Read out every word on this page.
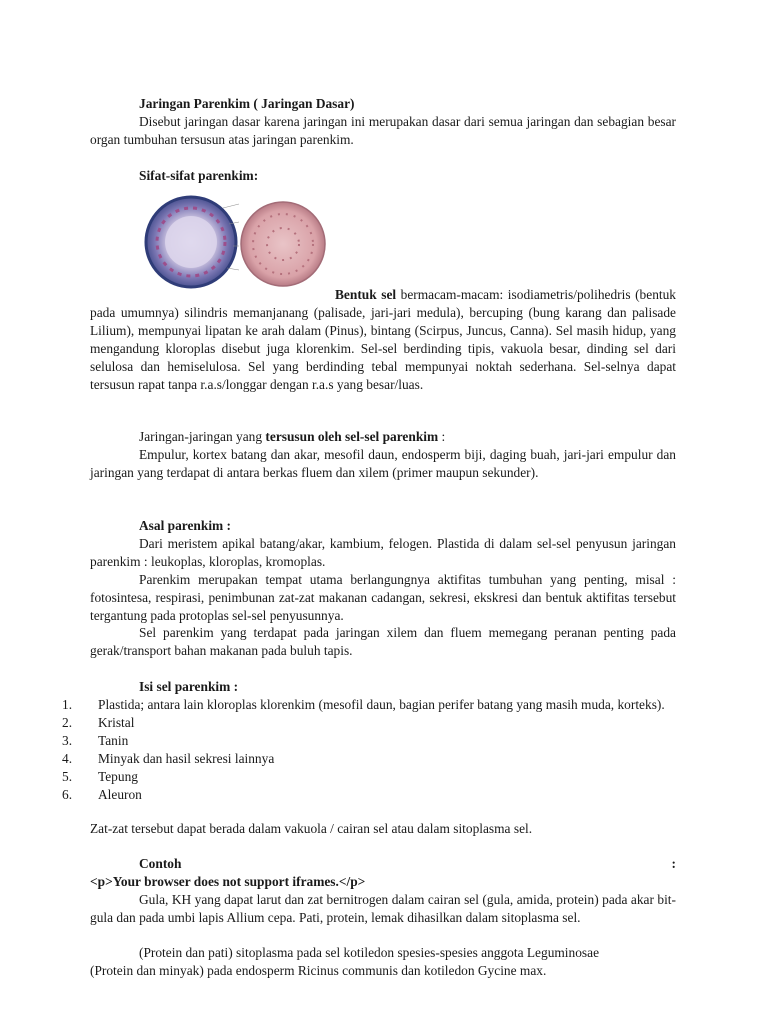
Jaringan Parenkim ( Jaringan Dasar)

Disebut jaringan dasar karena jaringan ini merupakan dasar dari semua jaringan dan sebagian besar organ tumbuhan tersusun atas jaringan parenkim.

Sifat-sifat parenkim:

Bentuk sel bermacam-macam: isodiametris/polihedris (bentuk pada umumnya) silindris memanjanang (palisade, jari-jari medula), bercuping (bung karang dan palisade Lilium), mempunyai lipatan ke arah dalam (Pinus), bintang (Scirpus, Juncus, Canna). Sel masih hidup, yang mengandung kloroplas disebut juga klorenkim. Sel-sel berdinding tipis, vakuola besar, dinding sel dari selulosa dan hemiselulosa. Sel yang berdinding tebal mempunyai noktah sederhana. Sel-selnya dapat tersusun rapat tanpa r.a.s/longgar dengan r.a.s yang besar/luas.

Jaringan-jaringan yang tersusun oleh sel-sel parenkim :

Empulur, kortex batang dan akar, mesofil daun, endosperm biji, daging buah, jari-jari empulur dan jaringan yang terdapat di antara berkas fluem dan xilem (primer maupun sekunder).

Asal parenkim :

Dari meristem apikal batang/akar, kambium, felogen. Plastida di dalam sel-sel penyusun jaringan parenkim : leukoplas, kloroplas, kromoplas.

Parenkim merupakan tempat utama berlangungnya aktifitas tumbuhan yang penting, misal : fotosintesa, respirasi, penimbunan zat-zat makanan cadangan, sekresi, ekskresi dan bentuk aktifitas tersebut tergantung pada protoplas sel-sel penyusunnya.

Sel parenkim yang terdapat pada jaringan xilem dan fluem memegang peranan penting pada gerak/transport bahan makanan pada buluh tapis.

Isi sel parenkim :

1. Plastida; antara lain kloroplas klorenkim (mesofil daun, bagian perifer batang yang masih muda, korteks).
2. Kristal
3. Tanin
4. Minyak dan hasil sekresi lainnya
5. Tepung
6. Aleuron

Zat-zat tersebut dapat berada dalam vakuola / cairan sel atau dalam sitoplasma sel.

Contoh	:

<p>Your browser does not support iframes.</p>

Gula, KH yang dapat larut dan zat bernitrogen dalam cairan sel (gula, amida, protein) pada akar bit-gula dan pada umbi lapis Allium cepa. Pati, protein, lemak dihasilkan dalam sitoplasma sel.

(Protein dan pati) sitoplasma pada sel kotiledon spesies-spesies anggota Leguminosae

(Protein dan minyak) pada endosperm Ricinus communis dan kotiledon Gycine max.
